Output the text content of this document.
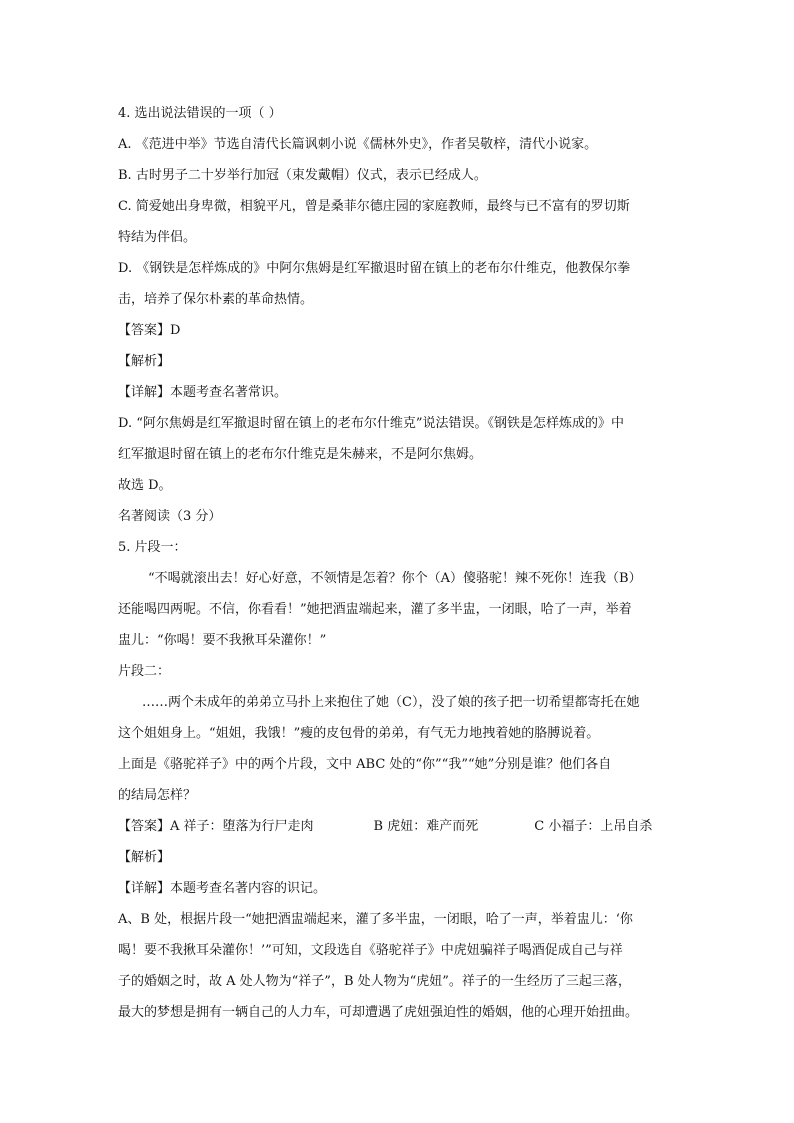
4. 选出说法错误的一项（ ）
A. 《范进中举》节选自清代长篇讽刺小说《儒林外史》，作者吴敬梓，清代小说家。
B. 古时男子二十岁举行加冠（束发戴帽）仪式，表示已经成人。
C. 简爱她出身卑微，相貌平凡，曾是桑菲尔德庄园的家庭教师，最终与已不富有的罗切斯
特结为伴侣。
D. 《钢铁是怎样炼成的》中阿尔焦姆是红军撤退时留在镇上的老布尔什维克，他教保尔拳
击，培养了保尔朴素的革命热情。
【答案】D
【解析】
【详解】本题考查名著常识。
D. “阿尔焦姆是红军撤退时留在镇上的老布尔什维克”说法错误。《钢铁是怎样炼成的》中
红军撤退时留在镇上的老布尔什维克是朱赫来，不是阿尔焦姆。
故选 D。
名著阅读（3 分）
5. 片段一：
“不喝就滚出去！好心好意，不领情是怎着？你个（A）傻骆驼！辣不死你！连我（B）
还能喝四两呢。不信，你看看！”她把酒盅端起来，灌了多半盅，一闭眼，哈了一声，举着
盅儿：“你喝！要不我揪耳朵灌你！”
片段二：
……两个未成年的弟弟立马扑上来抱住了她（C），没了娘的孩子把一切希望都寄托在她
这个姐姐身上。“姐姐，我饿！”瘦的皮包骨的弟弟，有气无力地拽着她的胳膊说着。
上面是《骆驼祥子》中的两个片段，文中 ABC 处的“你”“我”“她”分别是谁？他们各自
的结局怎样？
【答案】A 祥子：堕落为行尸走肉	B 虎妞：难产而死	C 小福子：上吊自杀
【解析】
【详解】本题考查名著内容的识记。
A、B 处，根据片段一“她把酒盅端起来，灌了多半盅，一闭眼，哈了一声，举着盅儿：‘你
喝！要不我揪耳朵灌你！’”可知，文段选自《骆驼祥子》中虎妞骗祥子喝酒促成自己与祥
子的婚姻之时，故 A 处人物为“祥子”，B 处人物为“虎妞”。祥子的一生经历了三起三落，
最大的梦想是拥有一辆自己的人力车，可却遭遇了虎妞强迫性的婚姻，他的心理开始扭曲。
